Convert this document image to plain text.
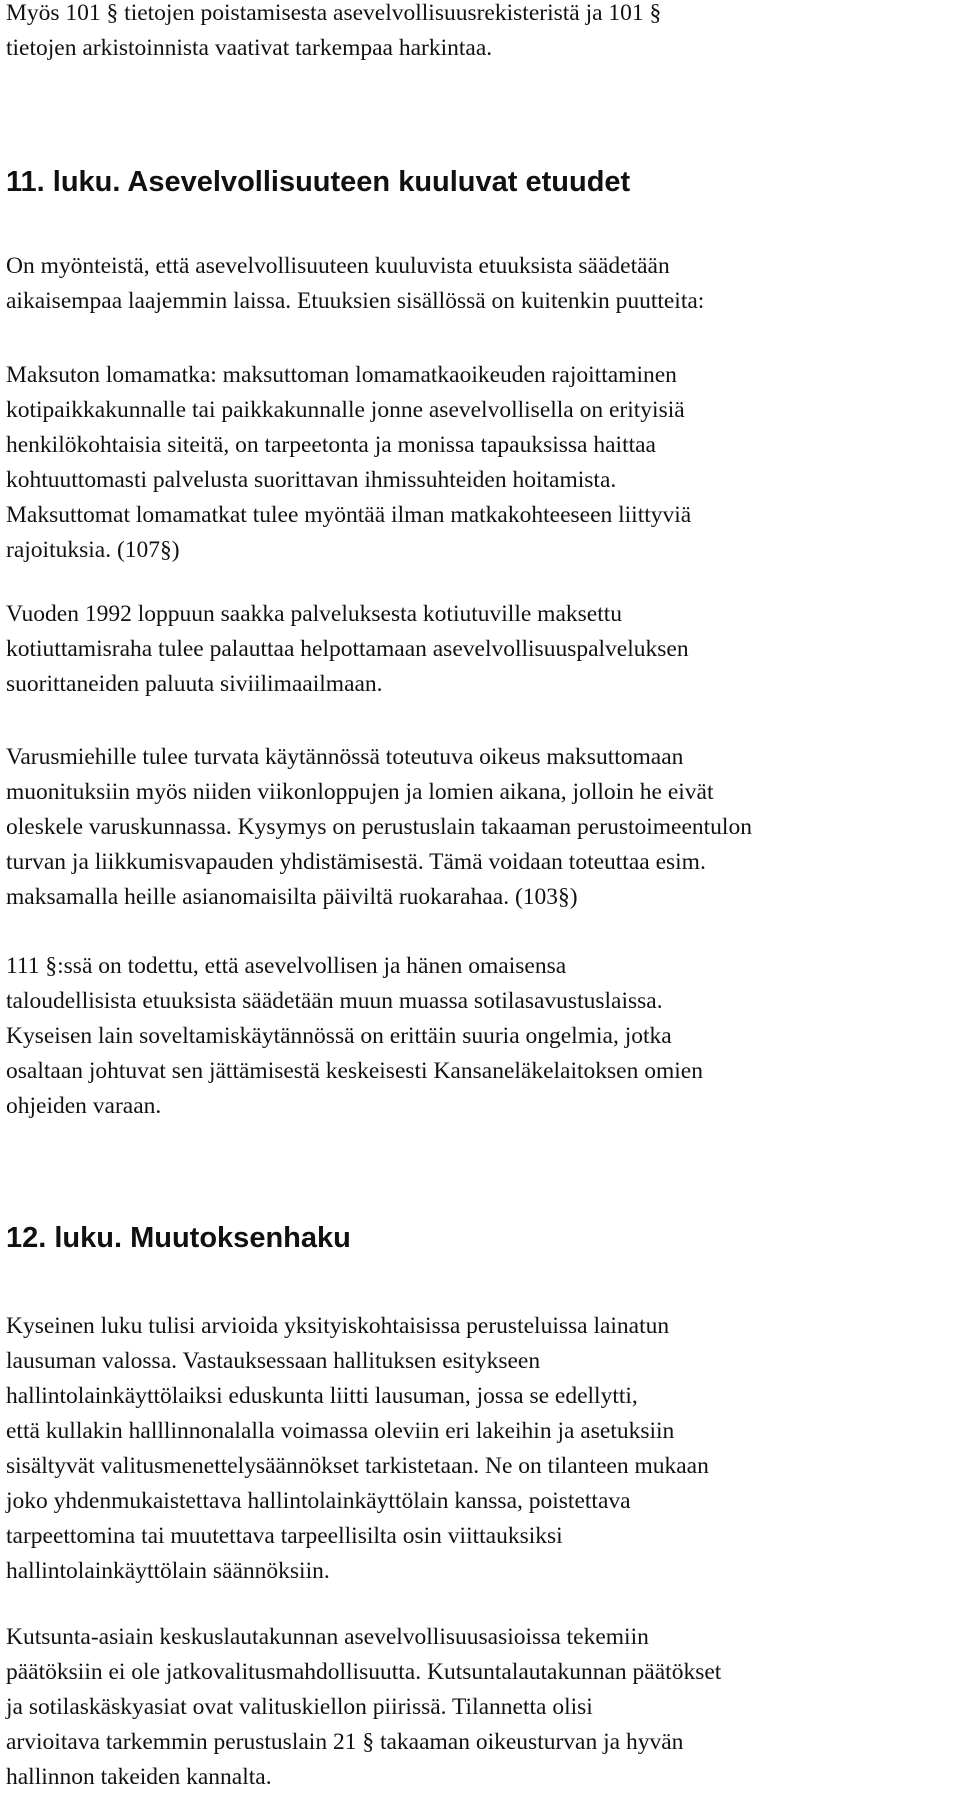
Myös 101 § tietojen poistamisesta asevelvollisuusrekisteristä ja 101 §
tietojen arkistoinnista vaativat tarkempaa harkintaa.

11. luku. Asevelvollisuuteen kuuluvat etuudet

On myönteistä, että asevelvollisuuteen kuuluvista etuuksista säädetään
aikaisempaa laajemmin laissa. Etuuksien sisällössä on kuitenkin puutteita:

Maksuton lomamatka: maksuttoman lomamatkaoikeuden rajoittaminen
kotipaikkakunnalle tai paikkakunnalle jonne asevelvollisella on erityisiä
henkilökohtaisia siteitä, on tarpeetonta ja monissa tapauksissa haittaa
kohtuuttomasti palvelusta suorittavan ihmissuhteiden hoitamista.
Maksuttomat lomamatkat tulee myöntää ilman matkakohteeseen liittyviä
rajoituksia. (107§)

Vuoden 1992 loppuun saakka palveluksesta kotiutuville maksettu
kotiuttamisraha tulee palauttaa helpottamaan asevelvollisuuspalveluksen
suorittaneiden paluuta siviilimaailmaan.

Varusmiehille tulee turvata käytännössä toteutuva oikeus maksuttomaan
muonituksiin myös niiden viikonloppujen ja lomien aikana, jolloin he eivät
oleskele varuskunnassa. Kysymys on perustuslain takaaman perustoimeentulon
turvan ja liikkumisvapauden yhdistämisestä. Tämä voidaan toteuttaa esim.
maksamalla heille asianomaisilta päiviltä ruokarahaa. (103§)

111 §:ssä on todettu, että asevelvollisen ja hänen omaisensa
taloudellisista etuuksista säädetään muun muassa sotilasavustuslaissa.
Kyseisen lain soveltamiskäytännössä on erittäin suuria ongelmia, jotka
osaltaan johtuvat sen jättämisestä keskeisesti Kansaneläkelaitoksen omien
ohjeiden varaan.

12. luku. Muutoksenhaku

Kyseinen luku tulisi arvioida yksityiskohtaisissa perusteluissa lainatun
lausuman valossa. Vastauksessaan hallituksen esitykseen
hallintolainkäyttölaiksi eduskunta liitti lausuman, jossa se edellytti,
että kullakin halllinnonalalla voimassa oleviin eri lakeihin ja asetuksiin
sisältyvät valitusmenettelysäännökset tarkistetaan. Ne on tilanteen mukaan
joko yhdenmukaistettava hallintolainkäyttölain kanssa, poistettava
tarpeettomina tai muutettava tarpeellisilta osin viittauksiksi
hallintolainkäyttölain säännöksiin.

Kutsunta-asiain keskuslautakunnan asevelvollisuusasioissa tekemiin
päätöksiin ei ole jatkovalitusmahdollisuutta. Kutsuntalautakunnan päätökset
ja sotilaskäskyasiat ovat valituskiellon piirissä. Tilannetta olisi
arvioitava tarkemmin perustuslain 21 § takaaman oikeusturvan ja hyvän
hallinnon takeiden kannalta.
